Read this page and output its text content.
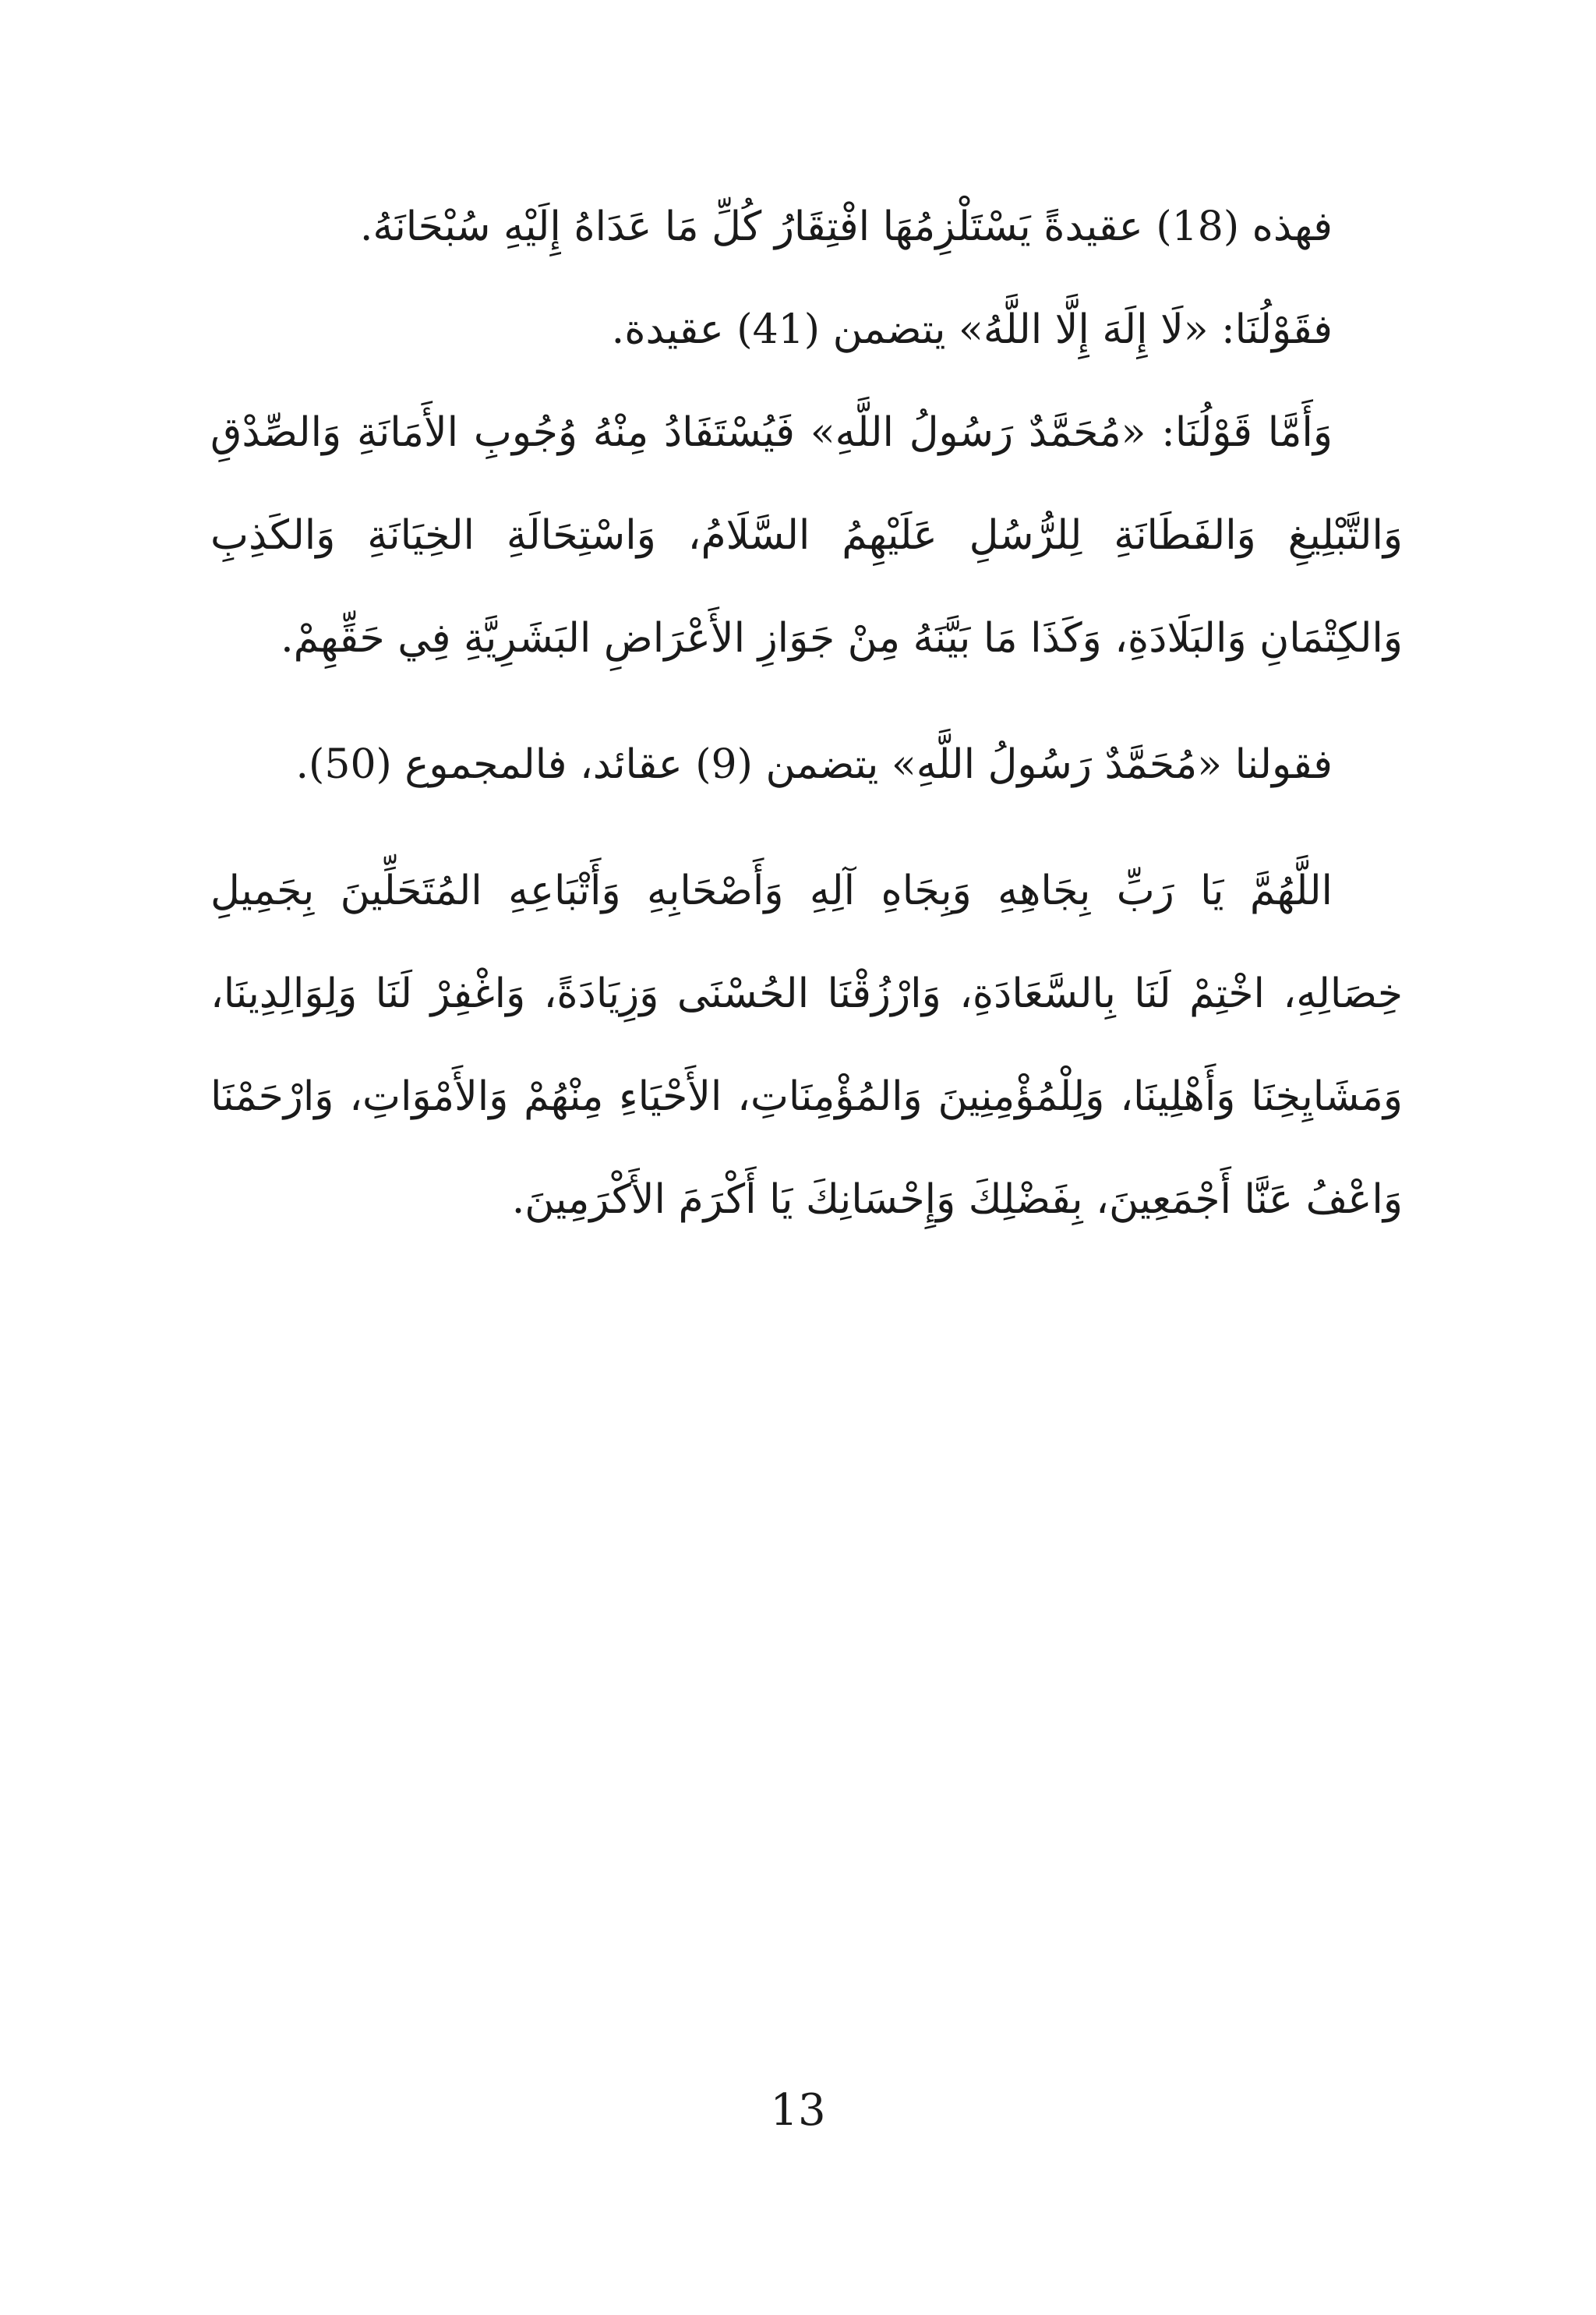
فهذه (18) عقيدةً يَسْتَلْزِمُهَا افْتِقَارُ كُلِّ مَا عَدَاهُ إِلَيْهِ سُبْحَانَهُ.

فقَوْلُنَا: «لَا إِلَهَ إِلَّا اللَّهُ» يتضمن (41) عقيدة.

وَأَمَّا قَوْلُنَا: «مُحَمَّدٌ رَسُولُ اللَّهِ» فَيُسْتَفَادُ مِنْهُ وُجُوبِ الأَمَانَةِ وَالصِّدْقِ وَالتَّبْلِيغِ وَالفَطَانَةِ لِلرُّسُلِ عَلَيْهِمُ السَّلَامُ، وَاسْتِحَالَةِ الخِيَانَةِ وَالكَذِبِ وَالكِتْمَانِ وَالبَلَادَةِ، وَكَذَا مَا بَيَّنَهُ مِنْ جَوَازِ الأَعْرَاضِ البَشَرِيَّةِ فِي حَقِّهِمْ.

فقولنا «مُحَمَّدٌ رَسُولُ اللَّهِ» يتضمن (9) عقائد، فالمجموع (50).

اللَّهُمَّ يَا رَبِّ بِجَاهِهِ وَبِجَاهِ آلِهِ وَأَصْحَابِهِ وَأَتْبَاعِهِ المُتَحَلِّينَ بِجَمِيلِ خِصَالِهِ، اخْتِمْ لَنَا بِالسَّعَادَةِ، وَارْزُقْنَا الحُسْنَى وَزِيَادَةً، وَاغْفِرْ لَنَا وَلِوَالِدِينَا، وَمَشَايِخِنَا وَأَهْلِينَا، وَلِلْمُؤْمِنِينَ وَالمُؤْمِنَاتِ، الأَحْيَاءِ مِنْهُمْ وَالأَمْوَاتِ، وَارْحَمْنَا وَاعْفُ عَنَّا أَجْمَعِينَ، بِفَضْلِكَ وَإِحْسَانِكَ يَا أَكْرَمَ الأَكْرَمِينَ.

13
